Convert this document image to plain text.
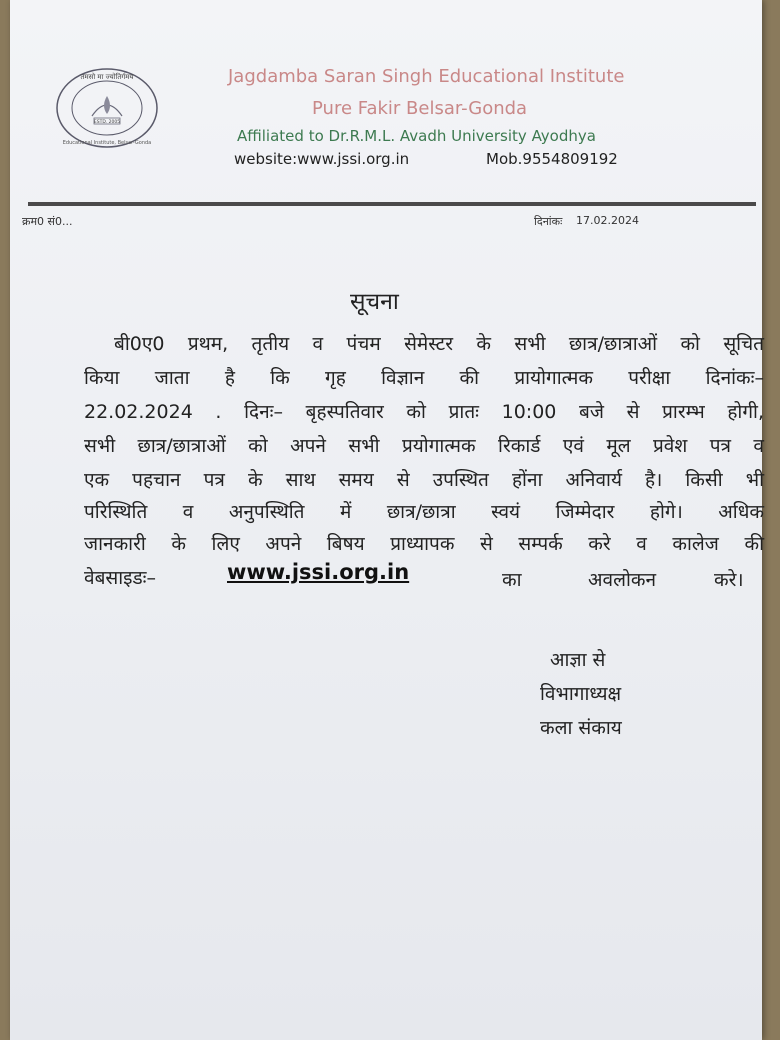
तमसो मा ज्योतिर्गमय
ESTD. 2005
Educational Institute, Belsar-Gonda
Jagdamba Saran Singh Educational Institute
Pure Fakir Belsar-Gonda
Affiliated to Dr.R.M.L. Avadh University Ayodhya
website:www.jssi.org.in	Mob.9554809192
क्रम0 सं0...	दिनांकः 17.02.2024
सूचना
बी0ए0 प्रथम, तृतीय व पंचम सेमेस्टर के सभी छात्र/छात्राओं को सूचित
किया जाता है कि गृह विज्ञान की प्रायोगात्मक परीक्षा दिनांकः–
22.02.2024 . दिनः– बृहस्पतिवार को प्रातः 10:00 बजे से प्रारम्भ होगी,
सभी छात्र/छात्राओं को अपने सभी प्रयोगात्मक रिकार्ड एवं मूल प्रवेश पत्र व
एक पहचान पत्र के साथ समय से उपस्थित होंना अनिवार्य है। किसी भी
परिस्थिति व अनुपस्थिति में छात्र/छात्रा स्वयं जिम्मेदार होगे। अधिक
जानकारी के लिए अपने बिषय प्राध्यापक से सम्पर्क करे व कालेज की
वेबसाइडः–	www.jssi.org.in	का	अवलोकन	करे।
आज्ञा से
विभागाध्यक्ष
कला संकाय
